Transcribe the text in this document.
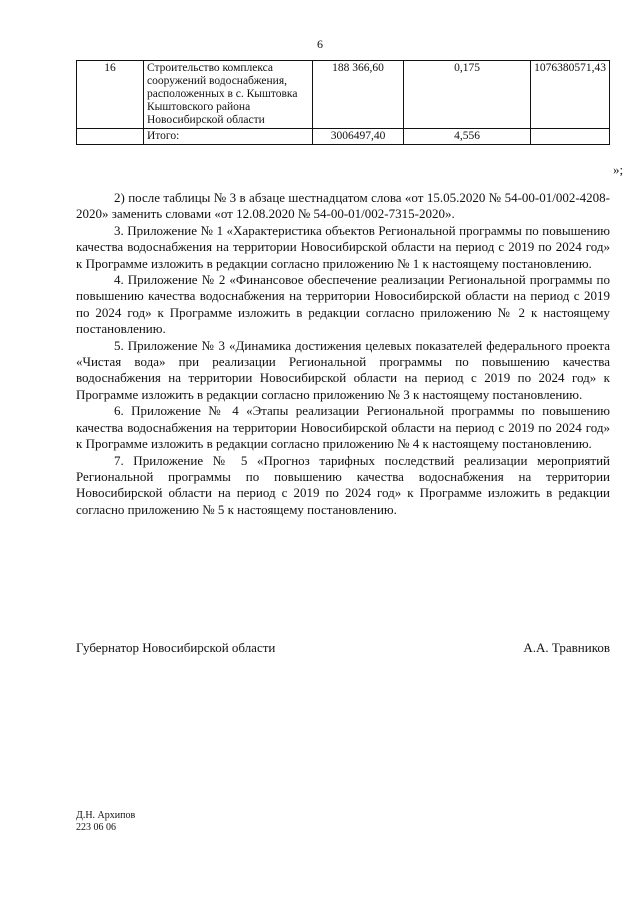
6
16	Строительство комплекса сооружений водоснабжения, расположенных в с. Кыштовка Кыштовского района Новосибирской области	188 366,60	0,175	1076380571,43
	Итого:	3006497,40	4,556	
»;

2) после таблицы № 3 в абзаце шестнадцатом слова «от 15.05.2020 № 54-00-01/002-4208-2020» заменить словами «от 12.08.2020 № 54-00-01/002-7315-2020».

3. Приложение № 1 «Характеристика объектов Региональной программы по повышению качества водоснабжения на территории Новосибирской области на период с 2019 по 2024 год» к Программе изложить в редакции согласно приложению № 1 к настоящему постановлению.

4. Приложение № 2 «Финансовое обеспечение реализации Региональной программы по повышению качества водоснабжения на территории Новосибирской области на период с 2019 по 2024 год» к Программе изложить в редакции согласно приложению № 2 к настоящему постановлению.

5. Приложение № 3 «Динамика достижения целевых показателей федерального проекта «Чистая вода» при реализации Региональной программы по повышению качества водоснабжения на территории Новосибирской области на период с 2019 по 2024 год» к Программе изложить в редакции согласно приложению № 3 к настоящему постановлению.

6. Приложение № 4 «Этапы реализации Региональной программы по повышению качества водоснабжения на территории Новосибирской области на период с 2019 по 2024 год» к Программе изложить в редакции согласно приложению № 4 к настоящему постановлению.

7. Приложение № 5 «Прогноз тарифных последствий реализации мероприятий Региональной программы по повышению качества водоснабжения на территории Новосибирской области на период с 2019 по 2024 год» к Программе изложить в редакции согласно приложению № 5 к настоящему постановлению.

Губернатор Новосибирской области	А.А. Травников
Д.Н. Архипов
223 06 06
